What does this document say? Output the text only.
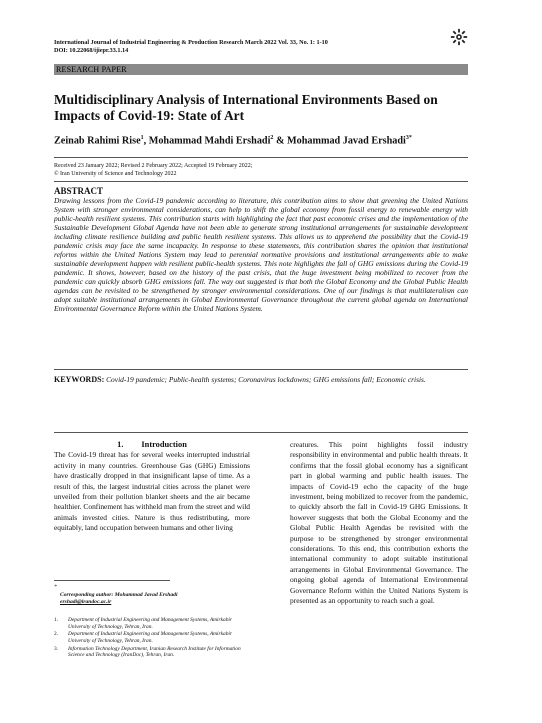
International Journal of Industrial Engineering & Production Research March 2022 Vol. 33, No. 1: 1-10
DOI: 10.22068/ijiepr.33.1.14
RESEARCH PAPER
Multidisciplinary Analysis of International Environments Based on Impacts of Covid-19: State of Art
Zeinab Rahimi Rise$^1$, Mohammad Mahdi Ershadi$^2$ & Mohammad Javad Ershadi$^{3*}$
Received 23 January 2022; Revised 2 February 2022; Accepted 19 February 2022;
© Iran University of Science and Technology 2022
ABSTRACT
Drawing lessons from the Covid-19 pandemic according to literature, this contribution aims to show that greening the United Nations System with stronger environmental considerations, can help to shift the global economy from fossil energy to renewable energy with public-health resilient systems. This contribution starts with highlighting the fact that past economic crises and the implementation of the Sustainable Development Global Agenda have not been able to generate strong institutional arrangements for sustainable development including climate resilience building and public health resilient systems. This allows us to apprehend the possibility that the Covid-19 pandemic crisis may face the same incapacity. In response to these statements, this contribution shares the opinion that institutional reforms within the United Nations System may lead to perennial normative provisions and institutional arrangements able to make sustainable development happen with resilient public-health systems. This note highlights the fall of GHG emissions during the Covid-19 pandemic. It shows, however, based on the history of the past crisis, that the huge investment being mobilized to recover from the pandemic can quickly absorb GHG emissions fall. The way out suggested is that both the Global Economy and the Global Public Health agendas can be revisited to be strengthened by stronger environmental considerations. One of our findings is that multilateralism can adopt suitable institutional arrangements in Global Environmental Governance throughout the current global agenda on International Environmental Governance Reform within the United Nations System.
KEYWORDS: Covid-19 pandemic; Public-health systems; Coronavirus lockdowns; GHG emissions fall; Economic crisis.

1. Introduction

The Covid-19 threat has for several weeks interrupted industrial activity in many countries. Greenhouse Gas (GHG) Emissions have drastically dropped in that insignificant lapse of time. As a result of this, the largest industrial cities across the planet were unveiled from their pollution blanket sheets and the air became healthier. Confinement has withheld man from the street and wild animals invested cities. Nature is thus redistributing, more equitably, land occupation between humans and other living

creatures. This point highlights fossil industry responsibility in environmental and public health threats. It confirms that the fossil global economy has a significant part in global warming and public health issues. The impacts of Covid-19 echo the capacity of the huge investment, being mobilized to recover from the pandemic, to quickly absorb the fall in Covid-19 GHG Emissions. It however suggests that both the Global Economy and the Global Public Health Agendas be revisited with the purpose to be strengthened by stronger environmental considerations. To this end, this contribution exhorts the international community to adopt suitable institutional arrangements in Global Environmental Governance. The ongoing global agenda of International Environmental Governance Reform within the United Nations System is presented as an opportunity to reach such a goal.

*
Corresponding author: Mohammad Javad Ershadi
ershadi@irandoc.ac.ir
1.	Department of Industrial Engineering and Management Systems, Amirkabir University of Technology, Tehran, Iran.
2.	Department of Industrial Engineering and Management Systems, Amirkabir University of Technology, Tehran, Iran.
3.	Information Technology Department, Iranian Research Institute for Information Science and Technology (IranDoc), Tehran, Iran.
